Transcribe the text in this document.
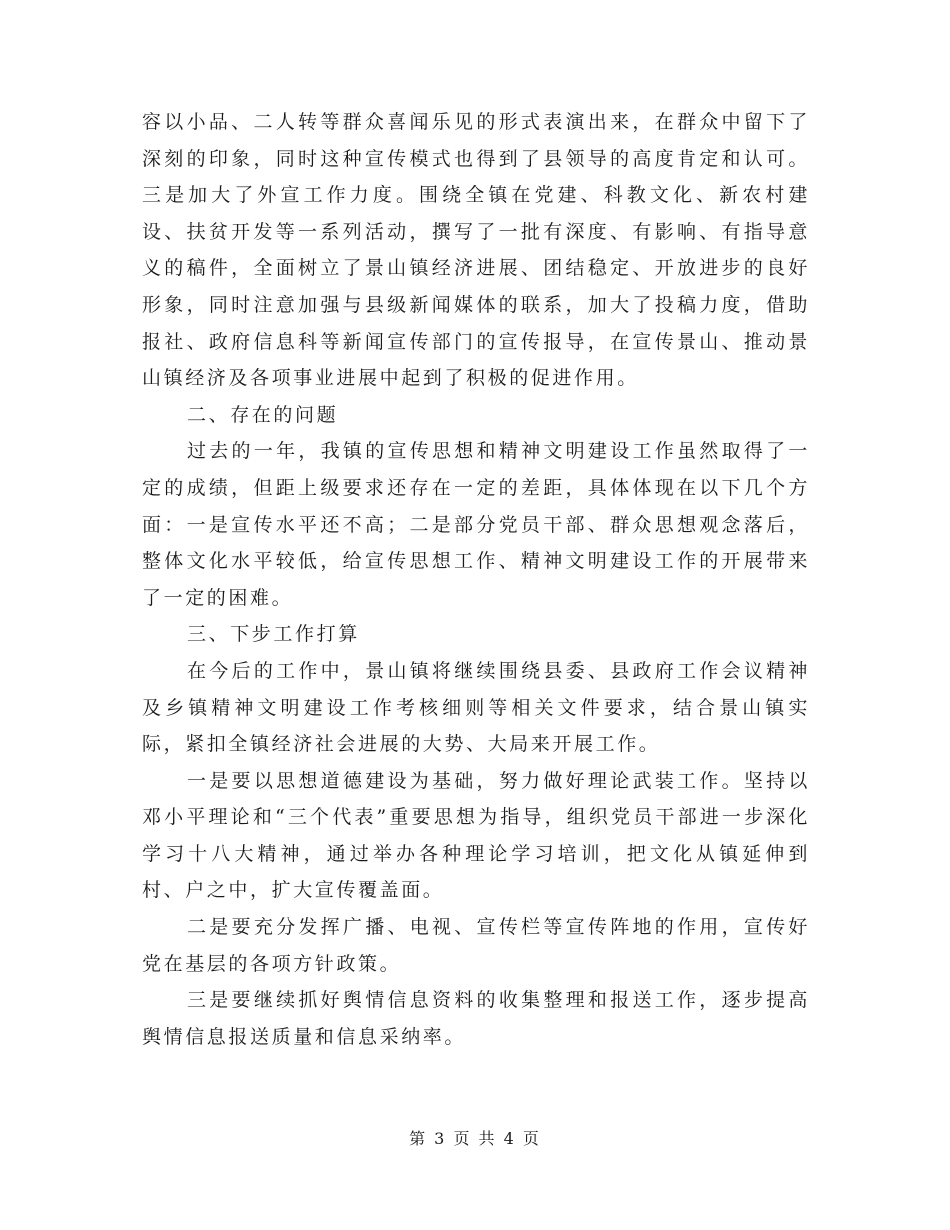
容以小品、二人转等群众喜闻乐见的形式表演出来，在群众中留下了深刻的印象，同时这种宣传模式也得到了县领导的高度肯定和认可。三是加大了外宣工作力度。围绕全镇在党建、科教文化、新农村建设、扶贫开发等一系列活动，撰写了一批有深度、有影响、有指导意义的稿件，全面树立了景山镇经济进展、团结稳定、开放进步的良好形象，同时注意加强与县级新闻媒体的联系，加大了投稿力度，借助报社、政府信息科等新闻宣传部门的宣传报导，在宣传景山、推动景山镇经济及各项事业进展中起到了积极的促进作用。

二、存在的问题

过去的一年，我镇的宣传思想和精神文明建设工作虽然取得了一定的成绩，但距上级要求还存在一定的差距，具体体现在以下几个方面：一是宣传水平还不高；二是部分党员干部、群众思想观念落后，整体文化水平较低，给宣传思想工作、精神文明建设工作的开展带来了一定的困难。

三、下步工作打算

在今后的工作中，景山镇将继续围绕县委、县政府工作会议精神及乡镇精神文明建设工作考核细则等相关文件要求，结合景山镇实际，紧扣全镇经济社会进展的大势、大局来开展工作。

一是要以思想道德建设为基础，努力做好理论武装工作。坚持以邓小平理论和“三个代表”重要思想为指导，组织党员干部进一步深化学习十八大精神，通过举办各种理论学习培训，把文化从镇延伸到村、户之中，扩大宣传覆盖面。

二是要充分发挥广播、电视、宣传栏等宣传阵地的作用，宣传好党在基层的各项方针政策。

三是要继续抓好舆情信息资料的收集整理和报送工作，逐步提高舆情信息报送质量和信息采纳率。

第 3 页 共 4 页
